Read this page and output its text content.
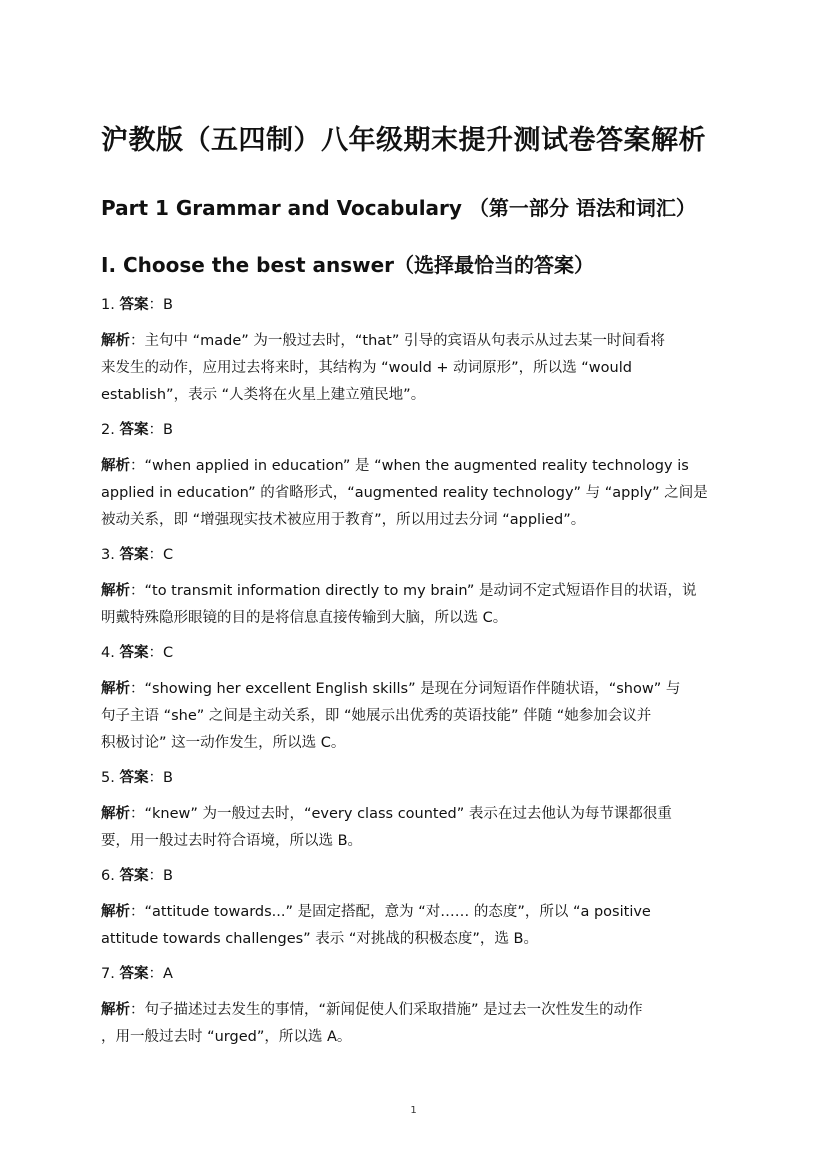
沪教版（五四制）八年级期末提升测试卷答案解析
Part 1 Grammar and Vocabulary （第一部分 语法和词汇）
I. Choose the best answer（选择最恰当的答案）

1. 答案：B

解析：主句中 “made” 为一般过去时，“that” 引导的宾语从句表示从过去某一时间看将
来发生的动作，应用过去将来时，其结构为 “would + 动词原形”，所以选 “would
establish”，表示 “人类将在火星上建立殖民地”。

2. 答案：B

解析：“when applied in education” 是 “when the augmented reality technology is
applied in education” 的省略形式，“augmented reality technology” 与 “apply” 之间是
被动关系，即 “增强现实技术被应用于教育”，所以用过去分词 “applied”。

3. 答案：C

解析：“to transmit information directly to my brain” 是动词不定式短语作目的状语，说
明戴特殊隐形眼镜的目的是将信息直接传输到大脑，所以选 C。

4. 答案：C

解析：“showing her excellent English skills” 是现在分词短语作伴随状语，“show” 与
句子主语 “she” 之间是主动关系，即 “她展示出优秀的英语技能” 伴随 “她参加会议并
积极讨论” 这一动作发生，所以选 C。

5. 答案：B

解析：“knew” 为一般过去时，“every class counted” 表示在过去他认为每节课都很重
要，用一般过去时符合语境，所以选 B。

6. 答案：B

解析：“attitude towards...” 是固定搭配，意为 “对…… 的态度”，所以 “a positive
attitude towards challenges” 表示 “对挑战的积极态度”，选 B。

7. 答案：A

解析：句子描述过去发生的事情，“新闻促使人们采取措施” 是过去一次性发生的动作
，用一般过去时 “urged”，所以选 A。
1
